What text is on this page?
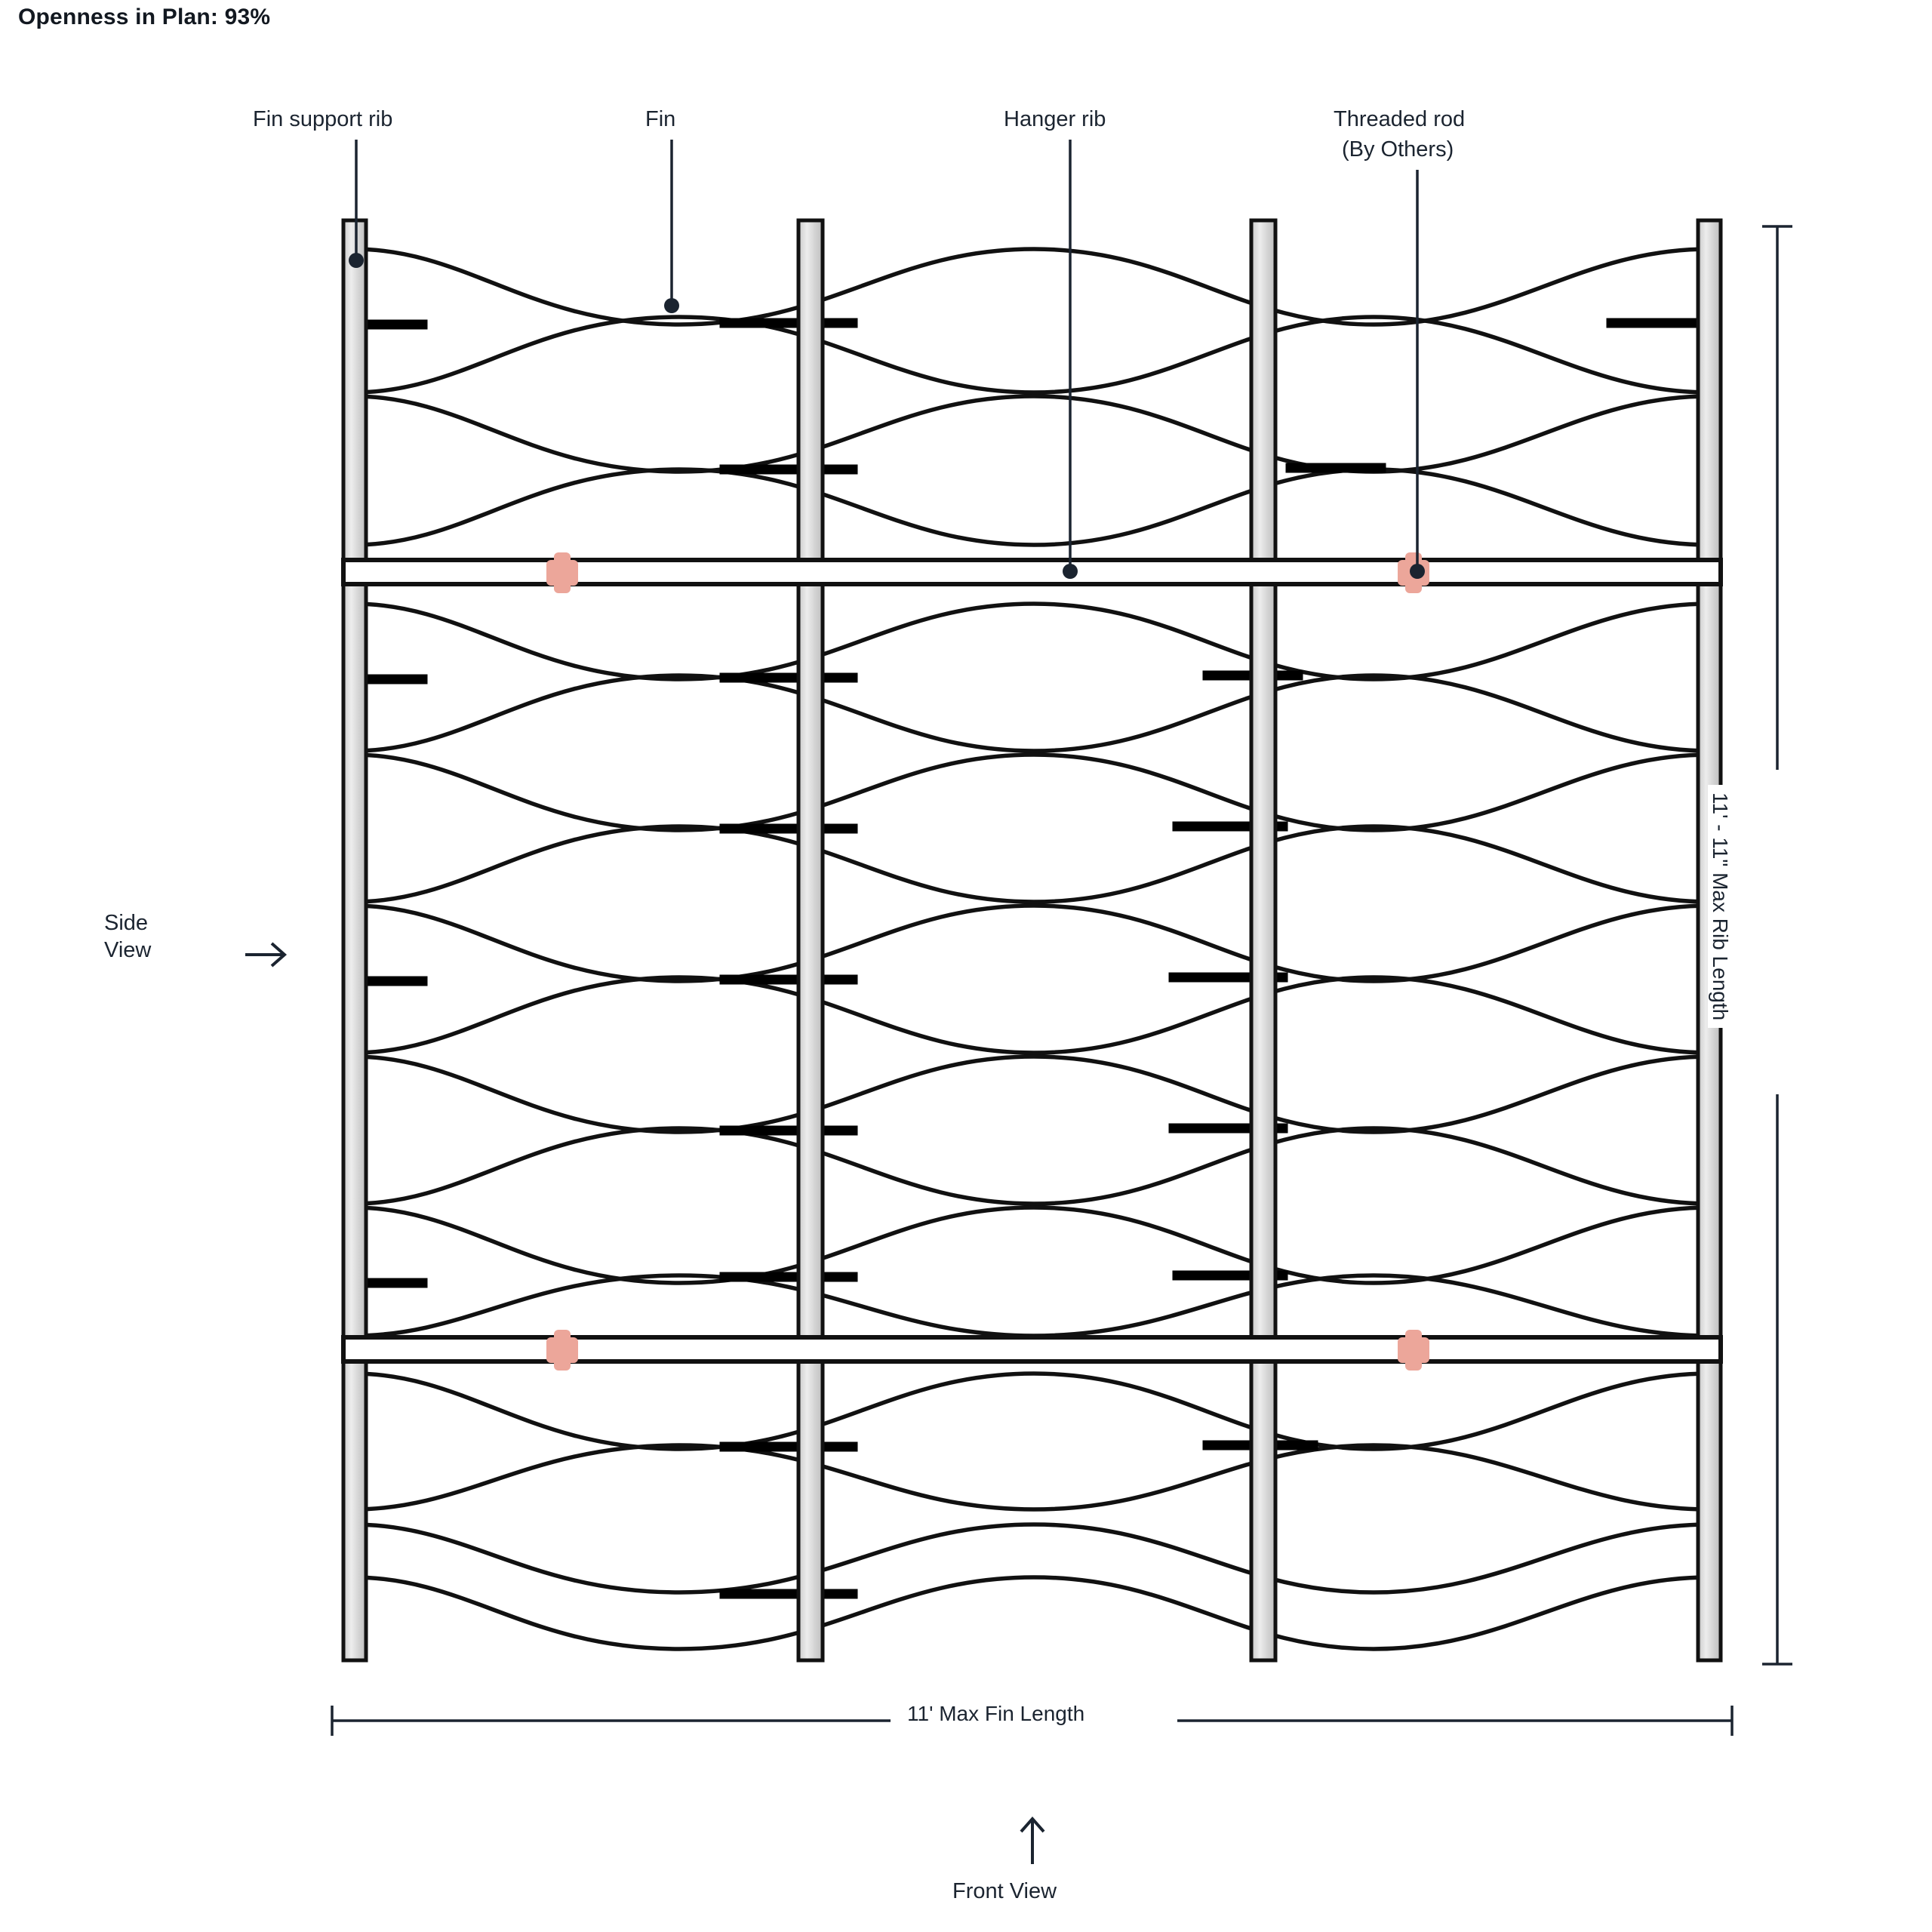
Openness in Plan: 93%
Fin support rib	Fin	Hanger rib	Threaded rod
(By Others)
Side
View
Front View
11' Max Fin Length
11' - 11" Max Rib Length
